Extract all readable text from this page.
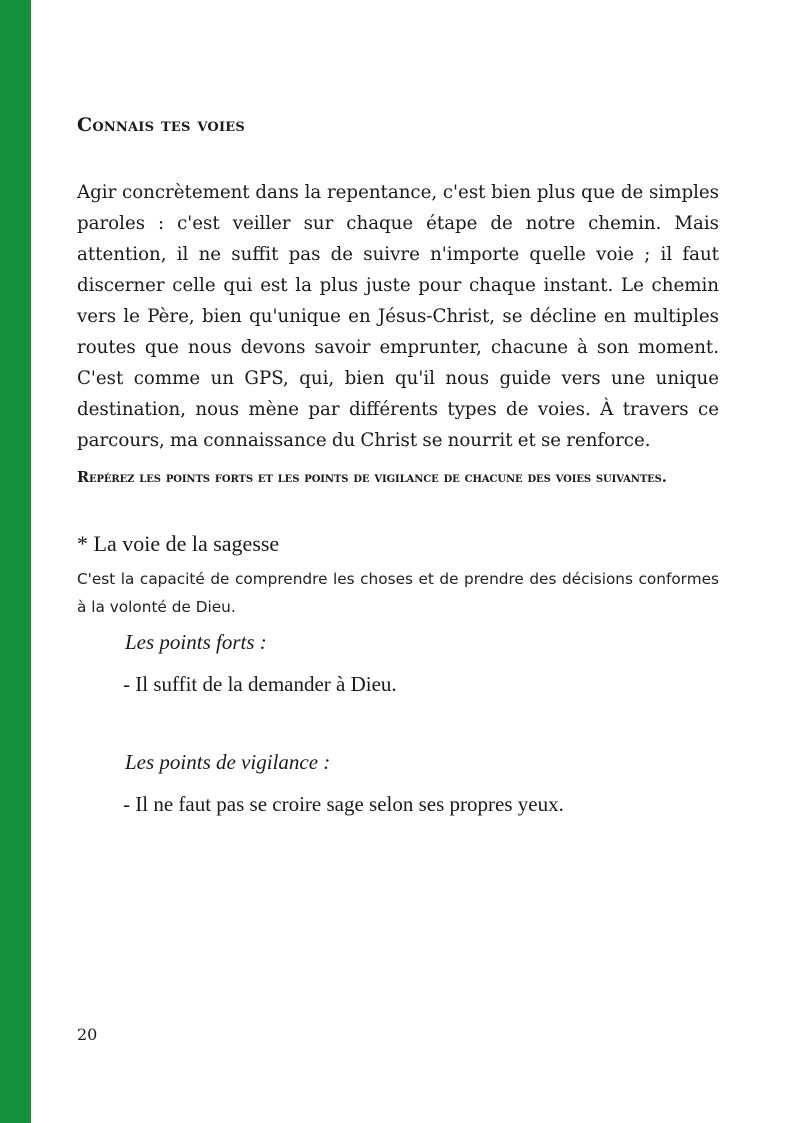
Connais tes voies

Agir concrètement dans la repentance, c'est bien plus que de simples paroles : c'est veiller sur chaque étape de notre chemin. Mais attention, il ne suffit pas de suivre n'importe quelle voie ; il faut discerner celle qui est la plus juste pour chaque instant. Le chemin vers le Père, bien qu'unique en Jésus-Christ, se décline en multiples routes que nous devons savoir emprunter, chacune à son moment. C'est comme un GPS, qui, bien qu'il nous guide vers une unique destination, nous mène par différents types de voies. À travers ce parcours, ma connaissance du Christ se nourrit et se renforce.

Repérez les points forts et les points de vigilance de chacune des voies suivantes.

* La voie de la sagesse

C'est la capacité de comprendre les choses et de prendre des décisions conformes à la volonté de Dieu.

Les points forts :

- Il suffit de la demander à Dieu.

Les points de vigilance :

- Il ne faut pas se croire sage selon ses propres yeux.

20
